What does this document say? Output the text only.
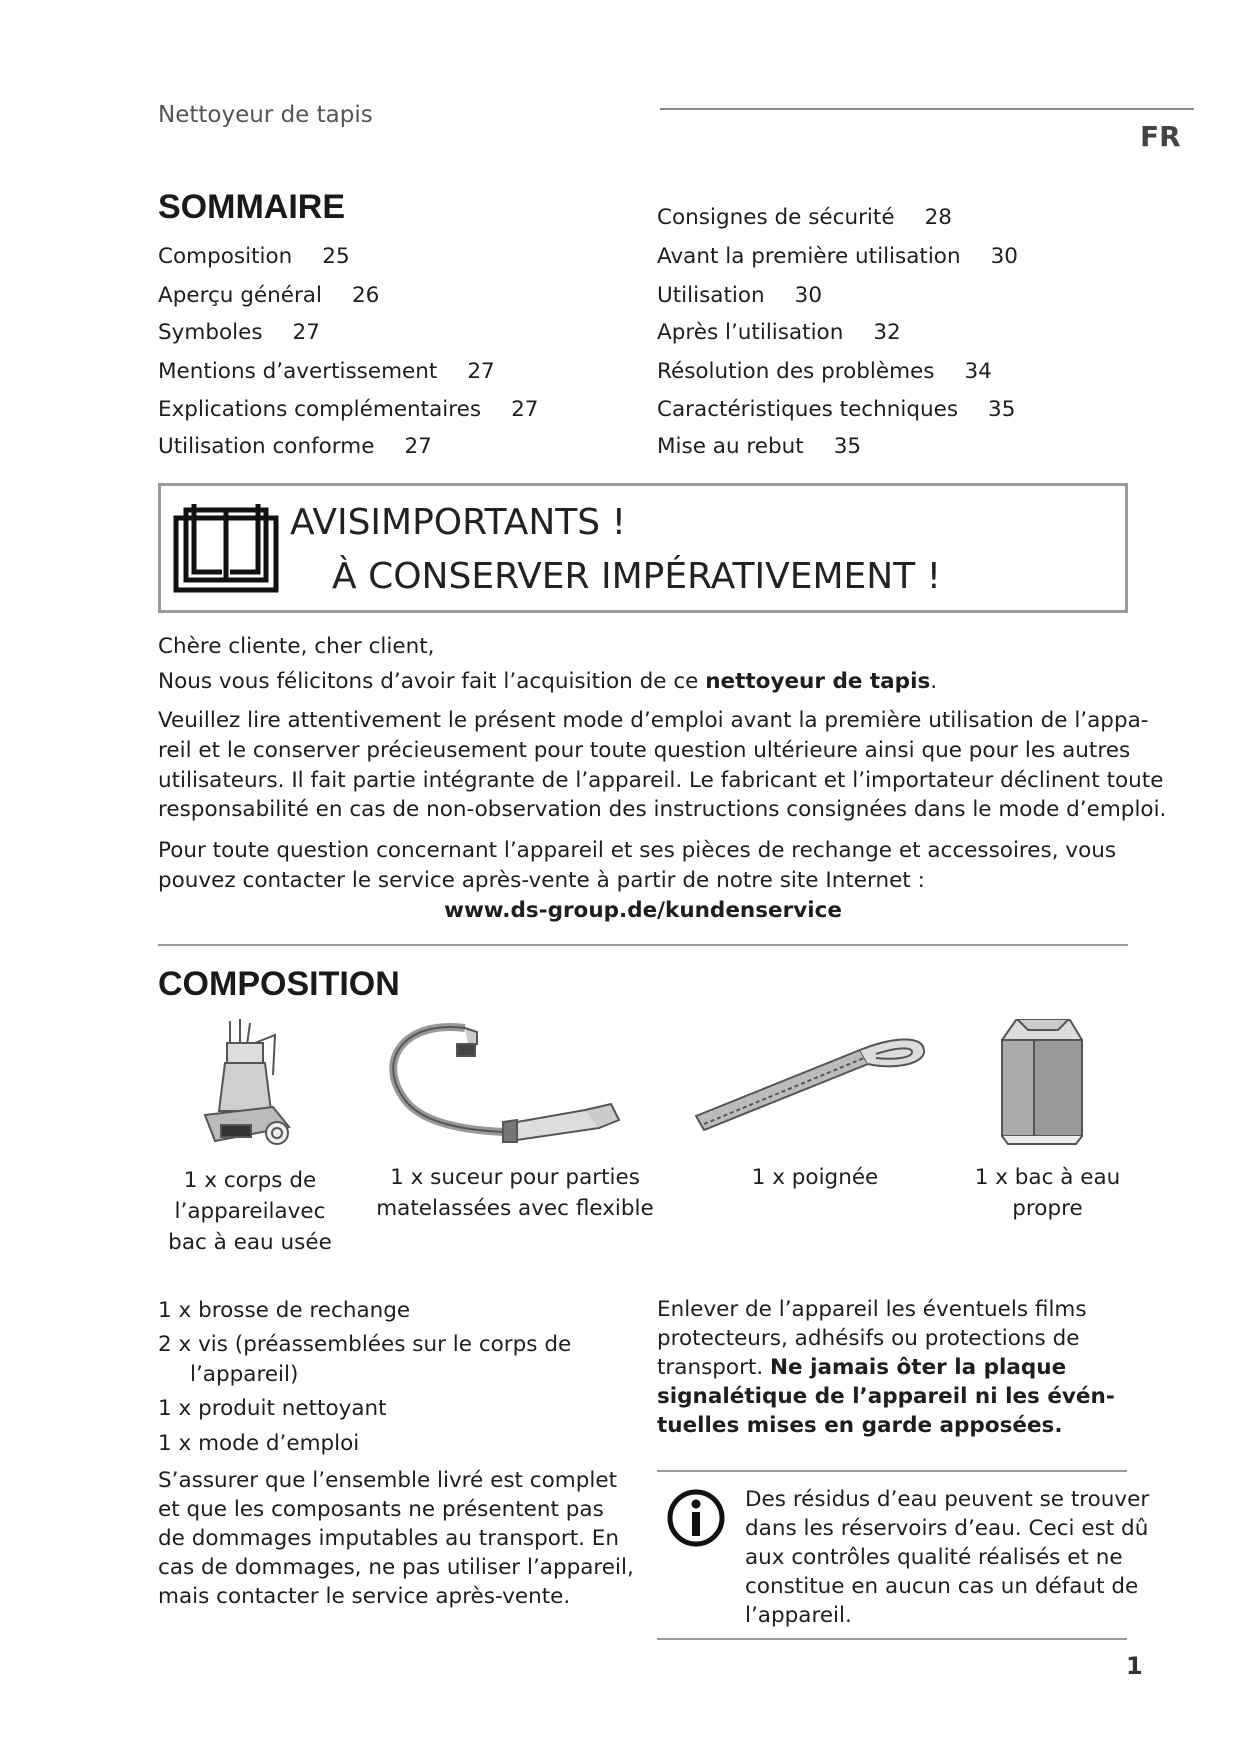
Nettoyeur de tapis
FR
SOMMAIRE
Composition 25
Aperçu général 26
Symboles 27
Mentions d’avertissement 27
Explications complémentaires 27
Utilisation conforme 27
Consignes de sécurité 28
Avant la première utilisation 30
Utilisation 30
Après l’utilisation 32
Résolution des problèmes 34
Caractéristiques techniques 35
Mise au rebut 35
AVISIMPORTANTS !
À CONSERVER IMPÉRATIVEMENT !
Chère cliente, cher client,
Nous vous félicitons d’avoir fait l’acquisition de ce nettoyeur de tapis.
Veuillez lire attentivement le présent mode d’emploi avant la première utilisation de l’appa-
reil et le conserver précieusement pour toute question ultérieure ainsi que pour les autres
utilisateurs. Il fait partie intégrante de l’appareil. Le fabricant et l’importateur déclinent toute
responsabilité en cas de non-observation des instructions consignées dans le mode d’emploi.
Pour toute question concernant l’appareil et ses pièces de rechange et accessoires, vous
pouvez contacter le service après-vente à partir de notre site Internet :
www.ds-group.de/kundenservice
COMPOSITION
1 x corps de
l’appareilavec
bac à eau usée
1 x suceur pour parties
matelassées avec flexible
1 x poignée	1 x bac à eau
propre
1 x brosse de rechange
2 x vis (préassemblées sur le corps de
l’appareil)
1 x produit nettoyant
1 x mode d’emploi
S’assurer que l’ensemble livré est complet
et que les composants ne présentent pas
de dommages imputables au transport. En
cas de dommages, ne pas utiliser l’appareil,
mais contacter le service après-vente.
Enlever de l’appareil les éventuels films
protecteurs, adhésifs ou protections de
transport. Ne jamais ôter la plaque
signalétique de l’appareil ni les évén-
tuelles mises en garde apposées.
Des résidus d’eau peuvent se trouver
dans les réservoirs d’eau. Ceci est dû
aux contrôles qualité réalisés et ne
constitue en aucun cas un défaut de
l’appareil.
1
